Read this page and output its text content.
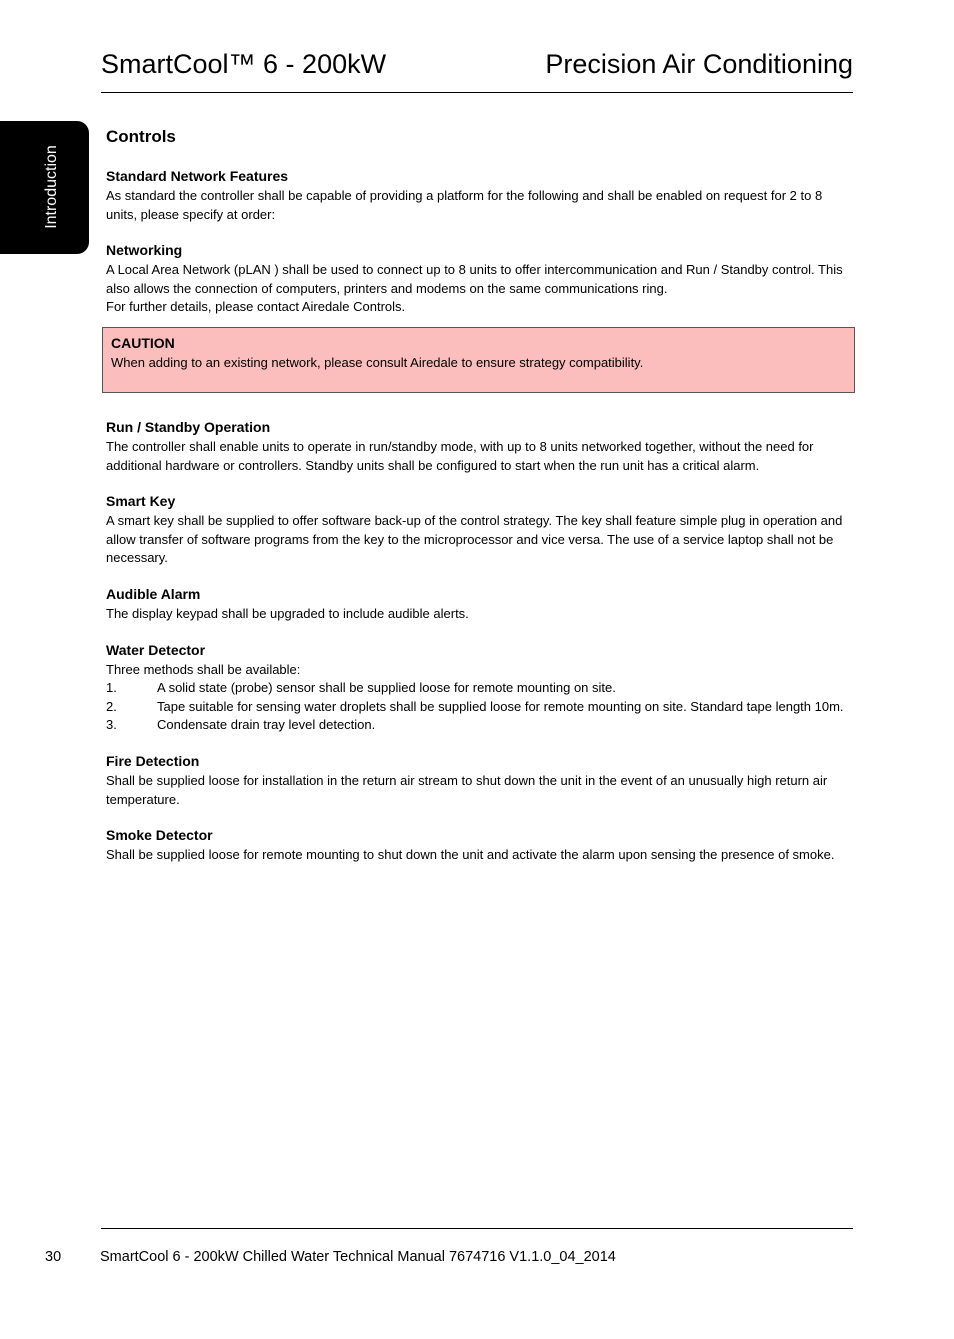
SmartCool™ 6 - 200kW	Precision Air Conditioning
Introduction
Controls
Standard Network Features

As standard the controller shall be capable of providing a platform for the following and shall be enabled on request for 2 to 8 units, please specify at order:

Networking

A Local Area Network (pLAN ) shall be used to connect up to 8 units to offer intercommunication and Run / Standby control. This also allows the connection of computers, printers and modems on the same communications ring.

For further details, please contact Airedale Controls.

CAUTION

When adding to an existing network, please consult Airedale to ensure strategy compatibility.

Run / Standby Operation

The controller shall enable units to operate in run/standby mode, with up to 8 units networked together, without the need for additional hardware or controllers. Standby units shall be configured to start when the run unit has a critical alarm.

Smart Key

A smart key shall be supplied to offer software back-up of the control strategy. The key shall feature simple plug in operation and allow transfer of software programs from the key to the microprocessor and vice versa. The use of a service laptop shall not be necessary.

Audible Alarm

The display keypad shall be upgraded to include audible alerts.

Water Detector

Three methods shall be available:

1.	A solid state (probe) sensor shall be supplied loose for remote mounting on site.
2.	Tape suitable for sensing water droplets shall be supplied loose for remote mounting on site. Standard tape length 10m.
3.	Condensate drain tray level detection.
Fire Detection

Shall be supplied loose for installation in the return air stream to shut down the unit in the event of an unusually high return air temperature.

Smoke Detector

Shall be supplied loose for remote mounting to shut down the unit and activate the alarm upon sensing the presence of smoke.

30	SmartCool 6 - 200kW Chilled Water Technical Manual 7674716 V1.1.0_04_2014
